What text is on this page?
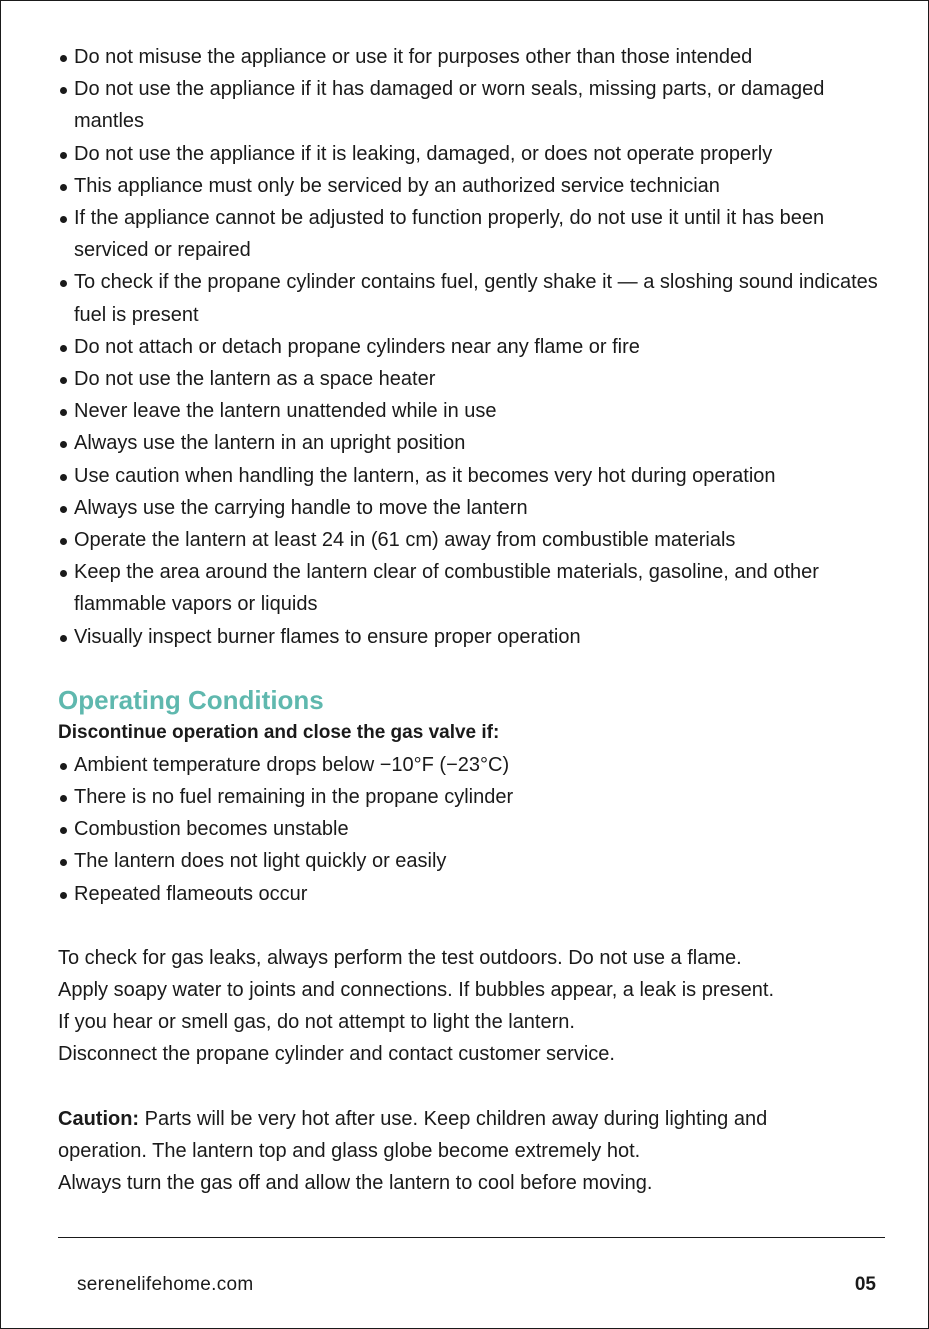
Do not misuse the appliance or use it for purposes other than those intended
Do not use the appliance if it has damaged or worn seals, missing parts, or damaged mantles
Do not use the appliance if it is leaking, damaged, or does not operate properly
This appliance must only be serviced by an authorized service technician
If the appliance cannot be adjusted to function properly, do not use it until it has been serviced or repaired
To check if the propane cylinder contains fuel, gently shake it — a sloshing sound indicates fuel is present
Do not attach or detach propane cylinders near any flame or fire
Do not use the lantern as a space heater
Never leave the lantern unattended while in use
Always use the lantern in an upright position
Use caution when handling the lantern, as it becomes very hot during operation
Always use the carrying handle to move the lantern
Operate the lantern at least 24 in (61 cm) away from combustible materials
Keep the area around the lantern clear of combustible materials, gasoline, and other flammable vapors or liquids
Visually inspect burner flames to ensure proper operation
Operating Conditions

Discontinue operation and close the gas valve if:

Ambient temperature drops below −10°F (−23°C)
There is no fuel remaining in the propane cylinder
Combustion becomes unstable
The lantern does not light quickly or easily
Repeated flameouts occur

To check for gas leaks, always perform the test outdoors. Do not use a flame.

Apply soapy water to joints and connections. If bubbles appear, a leak is present.

If you hear or smell gas, do not attempt to light the lantern.

Disconnect the propane cylinder and contact customer service.

Caution: Parts will be very hot after use. Keep children away during lighting and

operation. The lantern top and glass globe become extremely hot.

Always turn the gas off and allow the lantern to cool before moving.

serenelifehome.com	05
